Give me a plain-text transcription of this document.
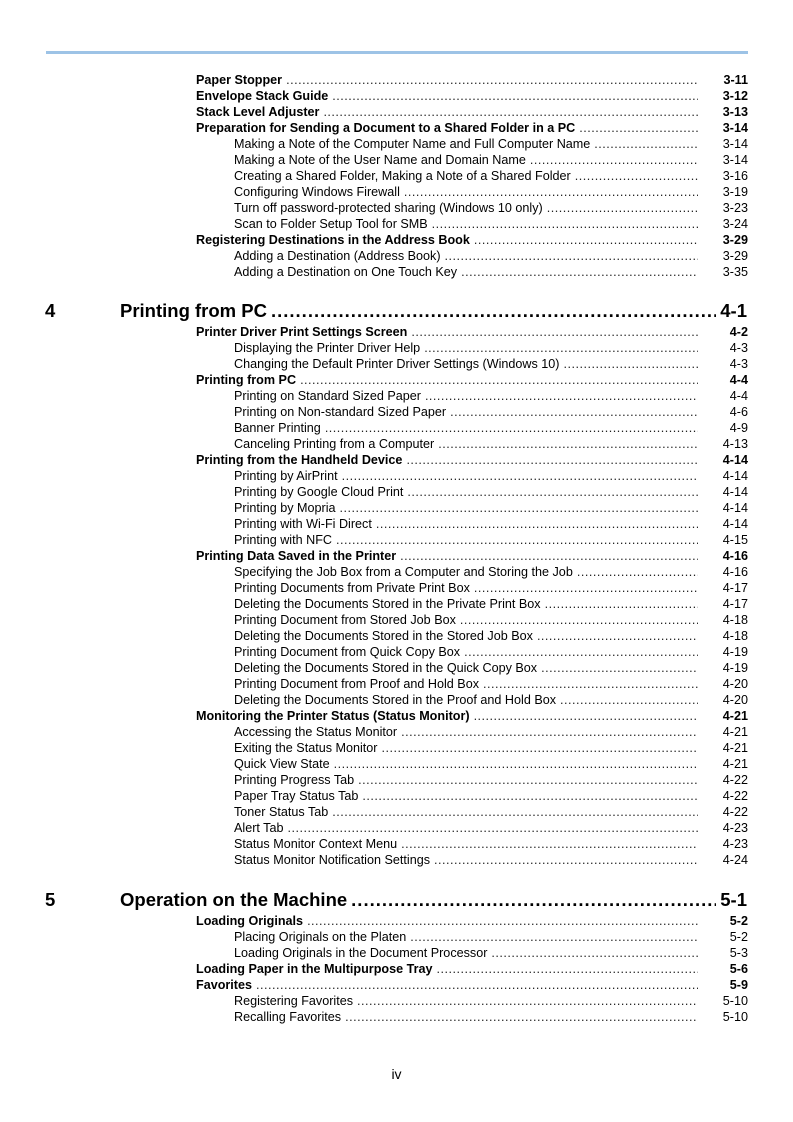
Paper Stopper .....	3-11
Envelope Stack Guide .....	3-12
Stack Level Adjuster .....	3-13
Preparation for Sending a Document to a Shared Folder in a PC .....	3-14
Making a Note of the Computer Name and Full Computer Name .....	3-14
Making a Note of the User Name and Domain Name .....	3-14
Creating a Shared Folder, Making a Note of a Shared Folder .....	3-16
Configuring Windows Firewall .....	3-19
Turn off password-protected sharing (Windows 10 only) .....	3-23
Scan to Folder Setup Tool for SMB .....	3-24
Registering Destinations in the Address Book .....	3-29
Adding a Destination (Address Book) .....	3-29
Adding a Destination on One Touch Key .....	3-35
4	Printing from PC .....	4-1
Printer Driver Print Settings Screen .....	4-2
Displaying the Printer Driver Help .....	4-3
Changing the Default Printer Driver Settings (Windows 10) .....	4-3
Printing from PC .....	4-4
Printing on Standard Sized Paper .....	4-4
Printing on Non-standard Sized Paper .....	4-6
Banner Printing .....	4-9
Canceling Printing from a Computer .....	4-13
Printing from the Handheld Device .....	4-14
Printing by AirPrint .....	4-14
Printing by Google Cloud Print .....	4-14
Printing by Mopria .....	4-14
Printing with Wi-Fi Direct .....	4-14
Printing with NFC .....	4-15
Printing Data Saved in the Printer .....	4-16
Specifying the Job Box from a Computer and Storing the Job .....	4-16
Printing Documents from Private Print Box .....	4-17
Deleting the Documents Stored in the Private Print Box .....	4-17
Printing Document from Stored Job Box .....	4-18
Deleting the Documents Stored in the Stored Job Box .....	4-18
Printing Document from Quick Copy Box .....	4-19
Deleting the Documents Stored in the Quick Copy Box .....	4-19
Printing Document from Proof and Hold Box .....	4-20
Deleting the Documents Stored in the Proof and Hold Box .....	4-20
Monitoring the Printer Status (Status Monitor) .....	4-21
Accessing the Status Monitor .....	4-21
Exiting the Status Monitor .....	4-21
Quick View State .....	4-21
Printing Progress Tab .....	4-22
Paper Tray Status Tab .....	4-22
Toner Status Tab .....	4-22
Alert Tab .....	4-23
Status Monitor Context Menu .....	4-23
Status Monitor Notification Settings .....	4-24
5	Operation on the Machine .....	5-1
Loading Originals .....	5-2
Placing Originals on the Platen .....	5-2
Loading Originals in the Document Processor .....	5-3
Loading Paper in the Multipurpose Tray .....	5-6
Favorites .....	5-9
Registering Favorites .....	5-10
Recalling Favorites .....	5-10
iv
